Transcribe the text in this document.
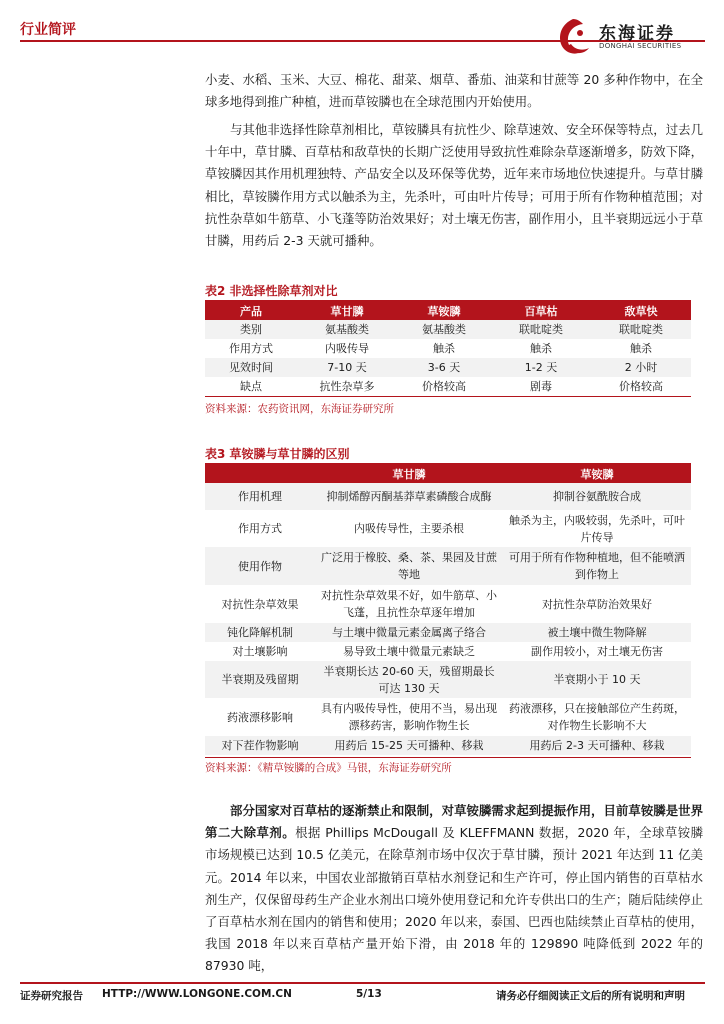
行业简评	东海证券
DONGHAI SECURITIES

小麦、水稻、玉米、大豆、棉花、甜菜、烟草、番茄、油菜和甘蔗等 20 多种作物中，在全球多地得到推广种植，进而草铵膦也在全球范围内开始使用。

与其他非选择性除草剂相比，草铵膦具有抗性少、除草速效、安全环保等特点，过去几十年中，草甘膦、百草枯和敌草快的长期广泛使用导致抗性难除杂草逐渐增多，防效下降，草铵膦因其作用机理独特、产品安全以及环保等优势，近年来市场地位快速提升。与草甘膦相比，草铵膦作用方式以触杀为主，先杀叶，可由叶片传导；可用于所有作物种植范围；对抗性杂草如牛筋草、小飞蓬等防治效果好；对土壤无伤害，副作用小，且半衰期远远小于草甘膦，用药后 2-3 天就可播种。

表2 非选择性除草剂对比
产品	草甘膦	草铵膦	百草枯	敌草快
类别	氨基酸类	氨基酸类	联吡啶类	联吡啶类
作用方式	内吸传导	触杀	触杀	触杀
见效时间	7-10 天	3-6 天	1-2 天	2 小时
缺点	抗性杂草多	价格较高	剧毒	价格较高
资料来源：农药资讯网，东海证券研究所
表3 草铵膦与草甘膦的区别
	草甘膦	草铵膦
作用机理	抑制烯醇丙酮基莽草素磷酸合成酶	抑制谷氨酰胺合成
作用方式	内吸传导性，主要杀根	触杀为主，内吸较弱，先杀叶，可叶片传导
使用作物	广泛用于橡胶、桑、茶、果园及甘蔗等地	可用于所有作物种植地，但不能喷洒到作物上
对抗性杂草效果	对抗性杂草效果不好，如牛筋草、小飞蓬，且抗性杂草逐年增加	对抗性杂草防治效果好
钝化降解机制	与土壤中微量元素金属离子络合	被土壤中微生物降解
对土壤影响	易导致土壤中微量元素缺乏	副作用较小，对土壤无伤害
半衰期及残留期	半衰期长达 20-60 天，残留期最长可达 130 天	半衰期小于 10 天
药液漂移影响	具有内吸传导性，使用不当，易出现漂移药害，影响作物生长	药液漂移，只在接触部位产生药斑，对作物生长影响不大
对下茬作物影响	用药后 15-25 天可播种、移栽	用药后 2-3 天可播种、移栽
资料来源：《精草铵膦的合成》马银，东海证券研究所

部分国家对百草枯的逐渐禁止和限制，对草铵膦需求起到提振作用，目前草铵膦是世界第二大除草剂。根据 Phillips McDougall 及 KLEFFMANN 数据，2020 年，全球草铵膦市场规模已达到 10.5 亿美元，在除草剂市场中仅次于草甘膦，预计 2021 年达到 11 亿美元。2014 年以来，中国农业部撤销百草枯水剂登记和生产许可，停止国内销售的百草枯水剂生产，仅保留母药生产企业水剂出口境外使用登记和允许专供出口的生产；随后陆续停止了百草枯水剂在国内的销售和使用；2020 年以来，泰国、巴西也陆续禁止百草枯的使用，我国 2018 年以来百草枯产量开始下滑，由 2018 年的 129890 吨降低到 2022 年的 87930 吨，

证券研究报告 HTTP://WWW.LONGONE.COM.CN	5/13	请务必仔细阅读正文后的所有说明和声明
